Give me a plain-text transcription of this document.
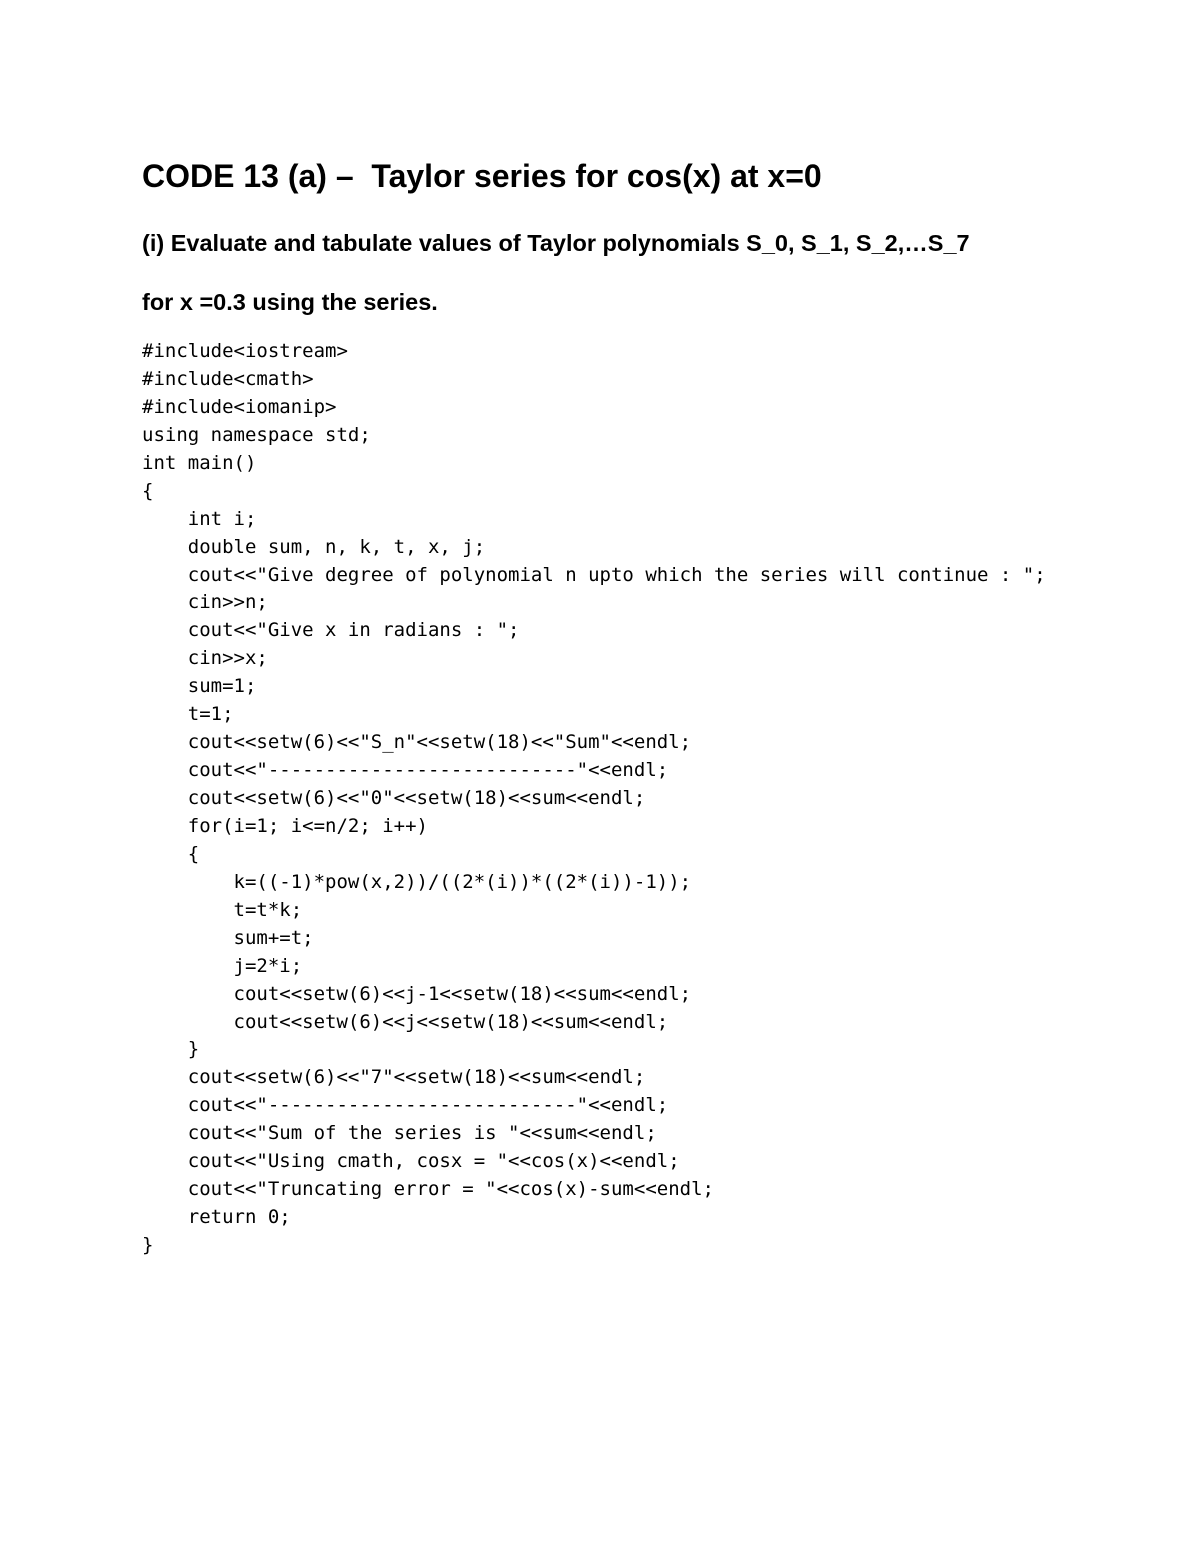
CODE 13 (a) –  Taylor series for cos(x) at x=0

(i) Evaluate and tabulate values of Taylor polynomials S_0, S_1, S_2,…S_7

for x =0.3 using the series.

#include<iostream>
#include<cmath>
#include<iomanip>
using namespace std;
int main()
{
int i;
double sum, n, k, t, x, j;
cout<<"Give degree of polynomial n upto which the series will continue : ";
cin>>n;
cout<<"Give x in radians : ";
cin>>x;
sum=1;
t=1;
cout<<setw(6)<<"S_n"<<setw(18)<<"Sum"<<endl;
cout<<"---------------------------"<<endl;
cout<<setw(6)<<"0"<<setw(18)<<sum<<endl;
for(i=1; i<=n/2; i++)
{
k=((-1)*pow(x,2))/((2*(i))*((2*(i))-1));
t=t*k;
sum+=t;
j=2*i;
cout<<setw(6)<<j-1<<setw(18)<<sum<<endl;
cout<<setw(6)<<j<<setw(18)<<sum<<endl;
}
cout<<setw(6)<<"7"<<setw(18)<<sum<<endl;
cout<<"---------------------------"<<endl;
cout<<"Sum of the series is "<<sum<<endl;
cout<<"Using cmath, cosx = "<<cos(x)<<endl;
cout<<"Truncating error = "<<cos(x)-sum<<endl;
return 0;
}
